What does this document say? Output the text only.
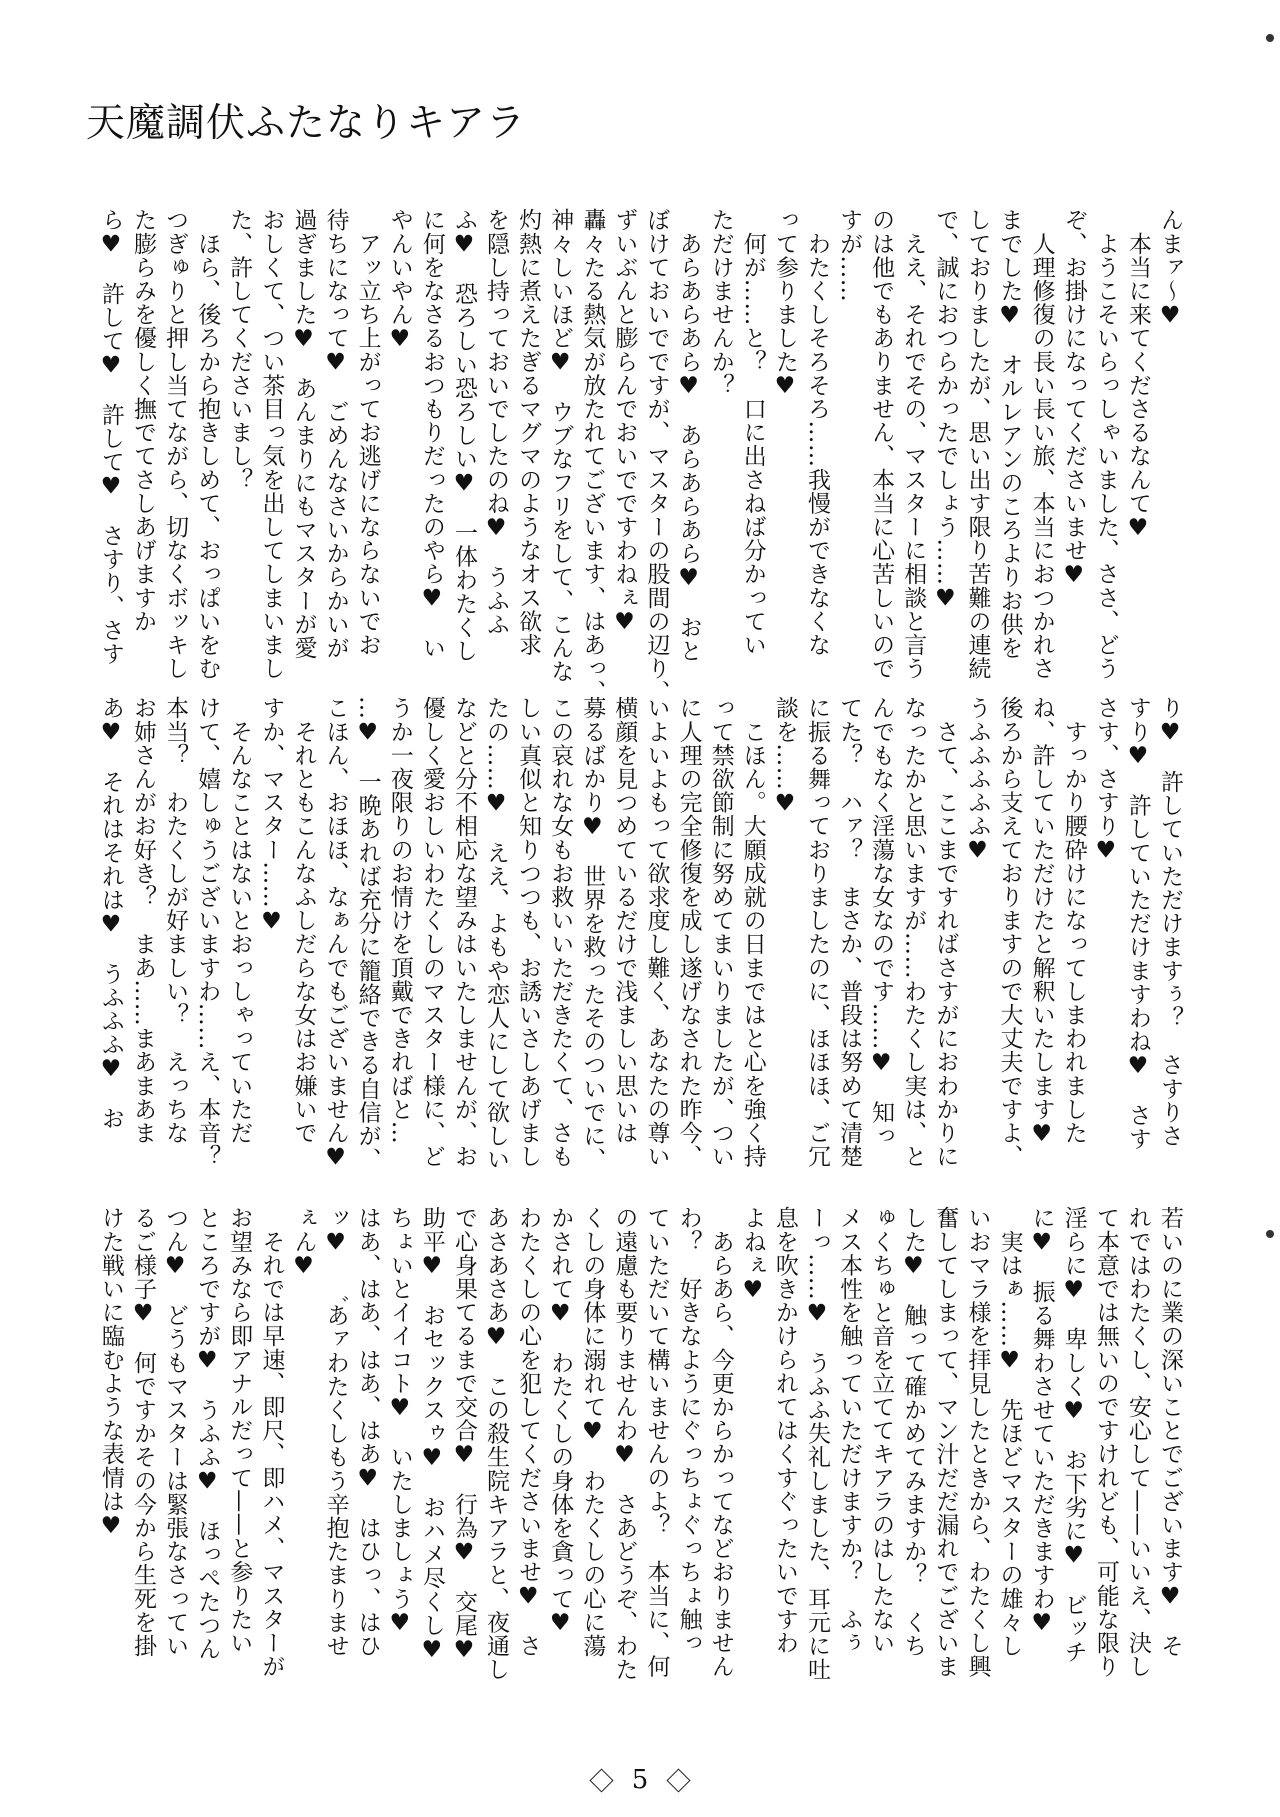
天魔調伏ふたなりキアラ
んまァ〜♥
　本当に来てくださるなんて♥
　ようこそいらっしゃいました、ささ、どう
ぞ、お掛けになってくださいませ♥
　人理修復の長い長い旅、本当におつかれさ
までした♥　オルレアンのころよりお供を
しておりましたが、思い出す限り苦難の連続
で、誠におつらかったでしょう……♥
　ええ、それでその、マスターに相談と言う
のは他でもありません、本当に心苦しいので
すが……
　わたくしそろそろ……我慢ができなくな
って参りました♥
　何が……と？　口に出さねば分かってい
ただけませんか？
　あらあらあら♥　あらあらあら♥　おと
ぼけておいでですが、マスターの股間の辺り、
ずいぶんと膨らんでおいでですわねぇ♥
轟々たる熱気が放たれてございます、はあっ、
神々しいほど♥　ウブなフリをして、こんな
灼熱に煮えたぎるマグマのようなオス欲求
を隠し持っておいでしたのね♥　うふふ
ふ♥　恐ろしい恐ろしい♥　一体わたくし
に何をなさるおつもりだったのやら♥　い
やんいやん♥
　アッ立ち上がってお逃げにならないでお
待ちになって♥　ごめんなさいからかいが
過ぎました♥　あんまりにもマスターが愛
おしくて、つい茶目っ気を出してしまいまし
た、許してくださいまし？
　ほら、後ろから抱きしめて、おっぱいをむ
つぎゅりと押し当てながら、切なくボッキし
た膨らみを優しく撫でてさしあげますか
ら♥　許して♥　許して♥　さすり、さす
り♥　許していただけますぅ？　さすりさ
すり♥　許していただけますわね♥　さす
さす、さすり♥
　すっかり腰砕けになってしまわれました
ね、許していただけたと解釈いたします♥
後ろから支えておりますので大丈夫ですよ、
うふふふふふ♥
　さて、ここまですればさすがにおわかりに
なったかと思いますが……わたくし実は、と
んでもなく淫蕩な女なのです……♥　知っ
てた？　ハァ？　まさか、普段は努めて清楚
に振る舞っておりましたのに、ほほほ、ご冗
談を……♥
　こほん。大願成就の日まではと心を強く持
って禁欲節制に努めてまいりましたが、つい
に人理の完全修復を成し遂げなされた昨今、
いよいよもって欲求度し難く、あなたの尊い
横顔を見つめているだけで浅ましい思いは
募るばかり♥　世界を救ったそのついでに、
この哀れな女もお救いいただきたくて、さも
しい真似と知りつつも、お誘いさしあげまし
たの……♥　ええ、よもや恋人にして欲しい
などと分不相応な望みはいたしませんが、お
優しく愛おしいわたくしのマスター様に、ど
うか一夜限りのお情けを頂戴できればと…
…♥　一晩あれば充分に籠絡できる自信が、
こほん、おほほ、なぁんでもございません♥
　それともこんなふしだらな女はお嫌いで
すか、マスター……♥
　そんなことはないとおっしゃっていただ
けて、嬉しゅうございますわ……え、本音？
本当？　わたくしが好ましい？　えっちな
お姉さんがお好き？　まあ……まあまあま
あ♥　それはそれは♥　うふふふ♥　お
若いのに業の深いことでございます♥　そ
れではわたくし、安心して——いいえ、決し
て本意では無いのですけれども、可能な限り
淫らに♥　卑しく♥　お下劣に♥　ビッチ
に♥　振る舞わさせていただきますわ♥
　実はぁ……♥　先ほどマスターの雄々し
いおマラ様を拝見したときから、わたくし興
奮してしまって、マン汁だだ漏れでございま
した♥　触って確かめてみますか？　くち
ゅくちゅと音を立ててキアラのはしたない
メス本性を触っていただけますか？　ふぅ
ーっ……♥　うふふ失礼しました、耳元に吐
息を吹きかけられてはくすぐったいですわ
よねぇ♥
　あらあら、今更からかってなどおりません
わ？　好きなようにぐっちょぐっちょ触っ
ていただいて構いませんのよ？　本当に、何
の遠慮も要りませんわ♥　さあどうぞ、わた
くしの身体に溺れて♥　わたくしの心に蕩
かされて♥　わたくしの身体を貪って♥
わたくしの心を犯してくださいませ♥　さ
あさあさあ♥　この殺生院キアラと、夜通し
で心身果てるまで交合♥　行為♥　交尾♥
助平♥　おセックスゥ♥　おハメ尽くし♥
ちょいとイイコト♥　いたしましょう♥
はあ、はあ、はあ、はあ♥　はひっ、はひ
ッ♥　゛あァわたくしもう辛抱たまりませ
ぇん♥
　それでは早速、即尺、即ハメ、マスターが
お望みなら即アナルだって——と参りたい
ところですが♥　うふふ♥　ほっぺたつん
つん♥　どうもマスターは緊張なさってい
るご様子♥　何ですかその今から生死を掛
けた戦いに臨むような表情は♥
5
